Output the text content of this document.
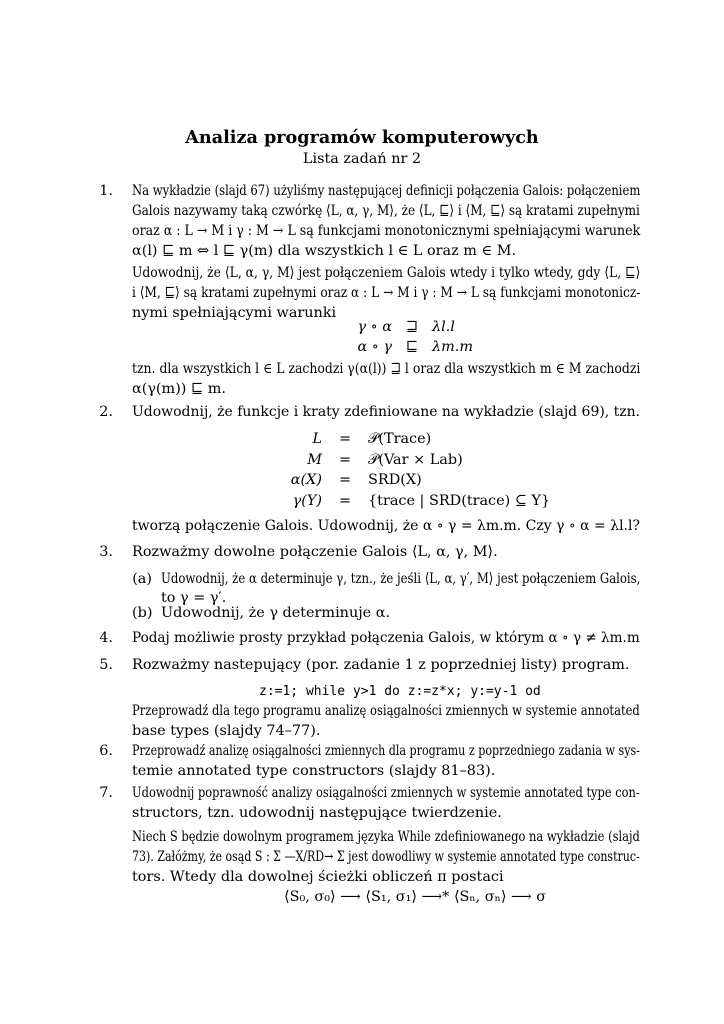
Analiza programów komputerowych
Lista zadań nr 2
1. Na wykładzie (slajd 67) użyliśmy następującej definicji połączenia Galois: połączeniem
Galois nazywamy taką czwórkę ⟨L, α, γ, M⟩, że ⟨L, ⊑⟩ i ⟨M, ⊑⟩ są kratami zupełnymi
oraz α : L → M i γ : M → L są funkcjami monotonicznymi spełniającymi warunek
α(l) ⊑ m ⇔ l ⊑ γ(m) dla wszystkich l ∈ L oraz m ∈ M.
Udowodnij, że ⟨L, α, γ, M⟩ jest połączeniem Galois wtedy i tylko wtedy, gdy ⟨L, ⊑⟩
i ⟨M, ⊑⟩ są kratami zupełnymi oraz α : L → M i γ : M → L są funkcjami monotonicz-
nymi spełniającymi warunki
γ ∘ α ⊒ λl.l
α ∘ γ ⊑ λm.m
tzn. dla wszystkich l ∈ L zachodzi γ(α(l)) ⊒ l oraz dla wszystkich m ∈ M zachodzi
α(γ(m)) ⊑ m.
2. Udowodnij, że funkcje i kraty zdefiniowane na wykładzie (slajd 69), tzn.
L	=	𝒫(Trace)
M	=	𝒫(Var × Lab)
α(X)	=	SRD(X)
γ(Y)	=	{trace | SRD(trace) ⊆ Y}
tworzą połączenie Galois. Udowodnij, że α ∘ γ = λm.m. Czy γ ∘ α = λl.l?
3. Rozważmy dowolne połączenie Galois ⟨L, α, γ, M⟩.
(a) Udowodnij, że α determinuje γ, tzn., że jeśli ⟨L, α, γ′, M⟩ jest połączeniem Galois,
to γ = γ′.
(b) Udowodnij, że γ determinuje α.
4. Podaj możliwie prosty przykład połączenia Galois, w którym α ∘ γ ≠ λm.m
5. Rozważmy nastepujący (por. zadanie 1 z poprzedniej listy) program.
z:=1; while y>1 do z:=z*x; y:=y-1 od
Przeprowadź dla tego programu analizę osiągalności zmiennych w systemie annotated
base types (slajdy 74–77).
6. Przeprowadź analizę osiągalności zmiennych dla programu z poprzedniego zadania w sys-
temie annotated type constructors (slajdy 81–83).
7. Udowodnij poprawność analizy osiągalności zmiennych w systemie annotated type con-
structors, tzn. udowodnij następujące twierdzenie.
Niech S będzie dowolnym programem języka While zdefiniowanego na wykładzie (slajd
73). Załóżmy, że osąd S : Σ —X/RD→ Σ jest dowodliwy w systemie annotated type construc-
tors. Wtedy dla dowolnej ścieżki obliczeń π postaci
⟨S₀, σ₀⟩ ⟶ ⟨S₁, σ₁⟩ ⟶* ⟨Sₙ, σₙ⟩ ⟶ σ
